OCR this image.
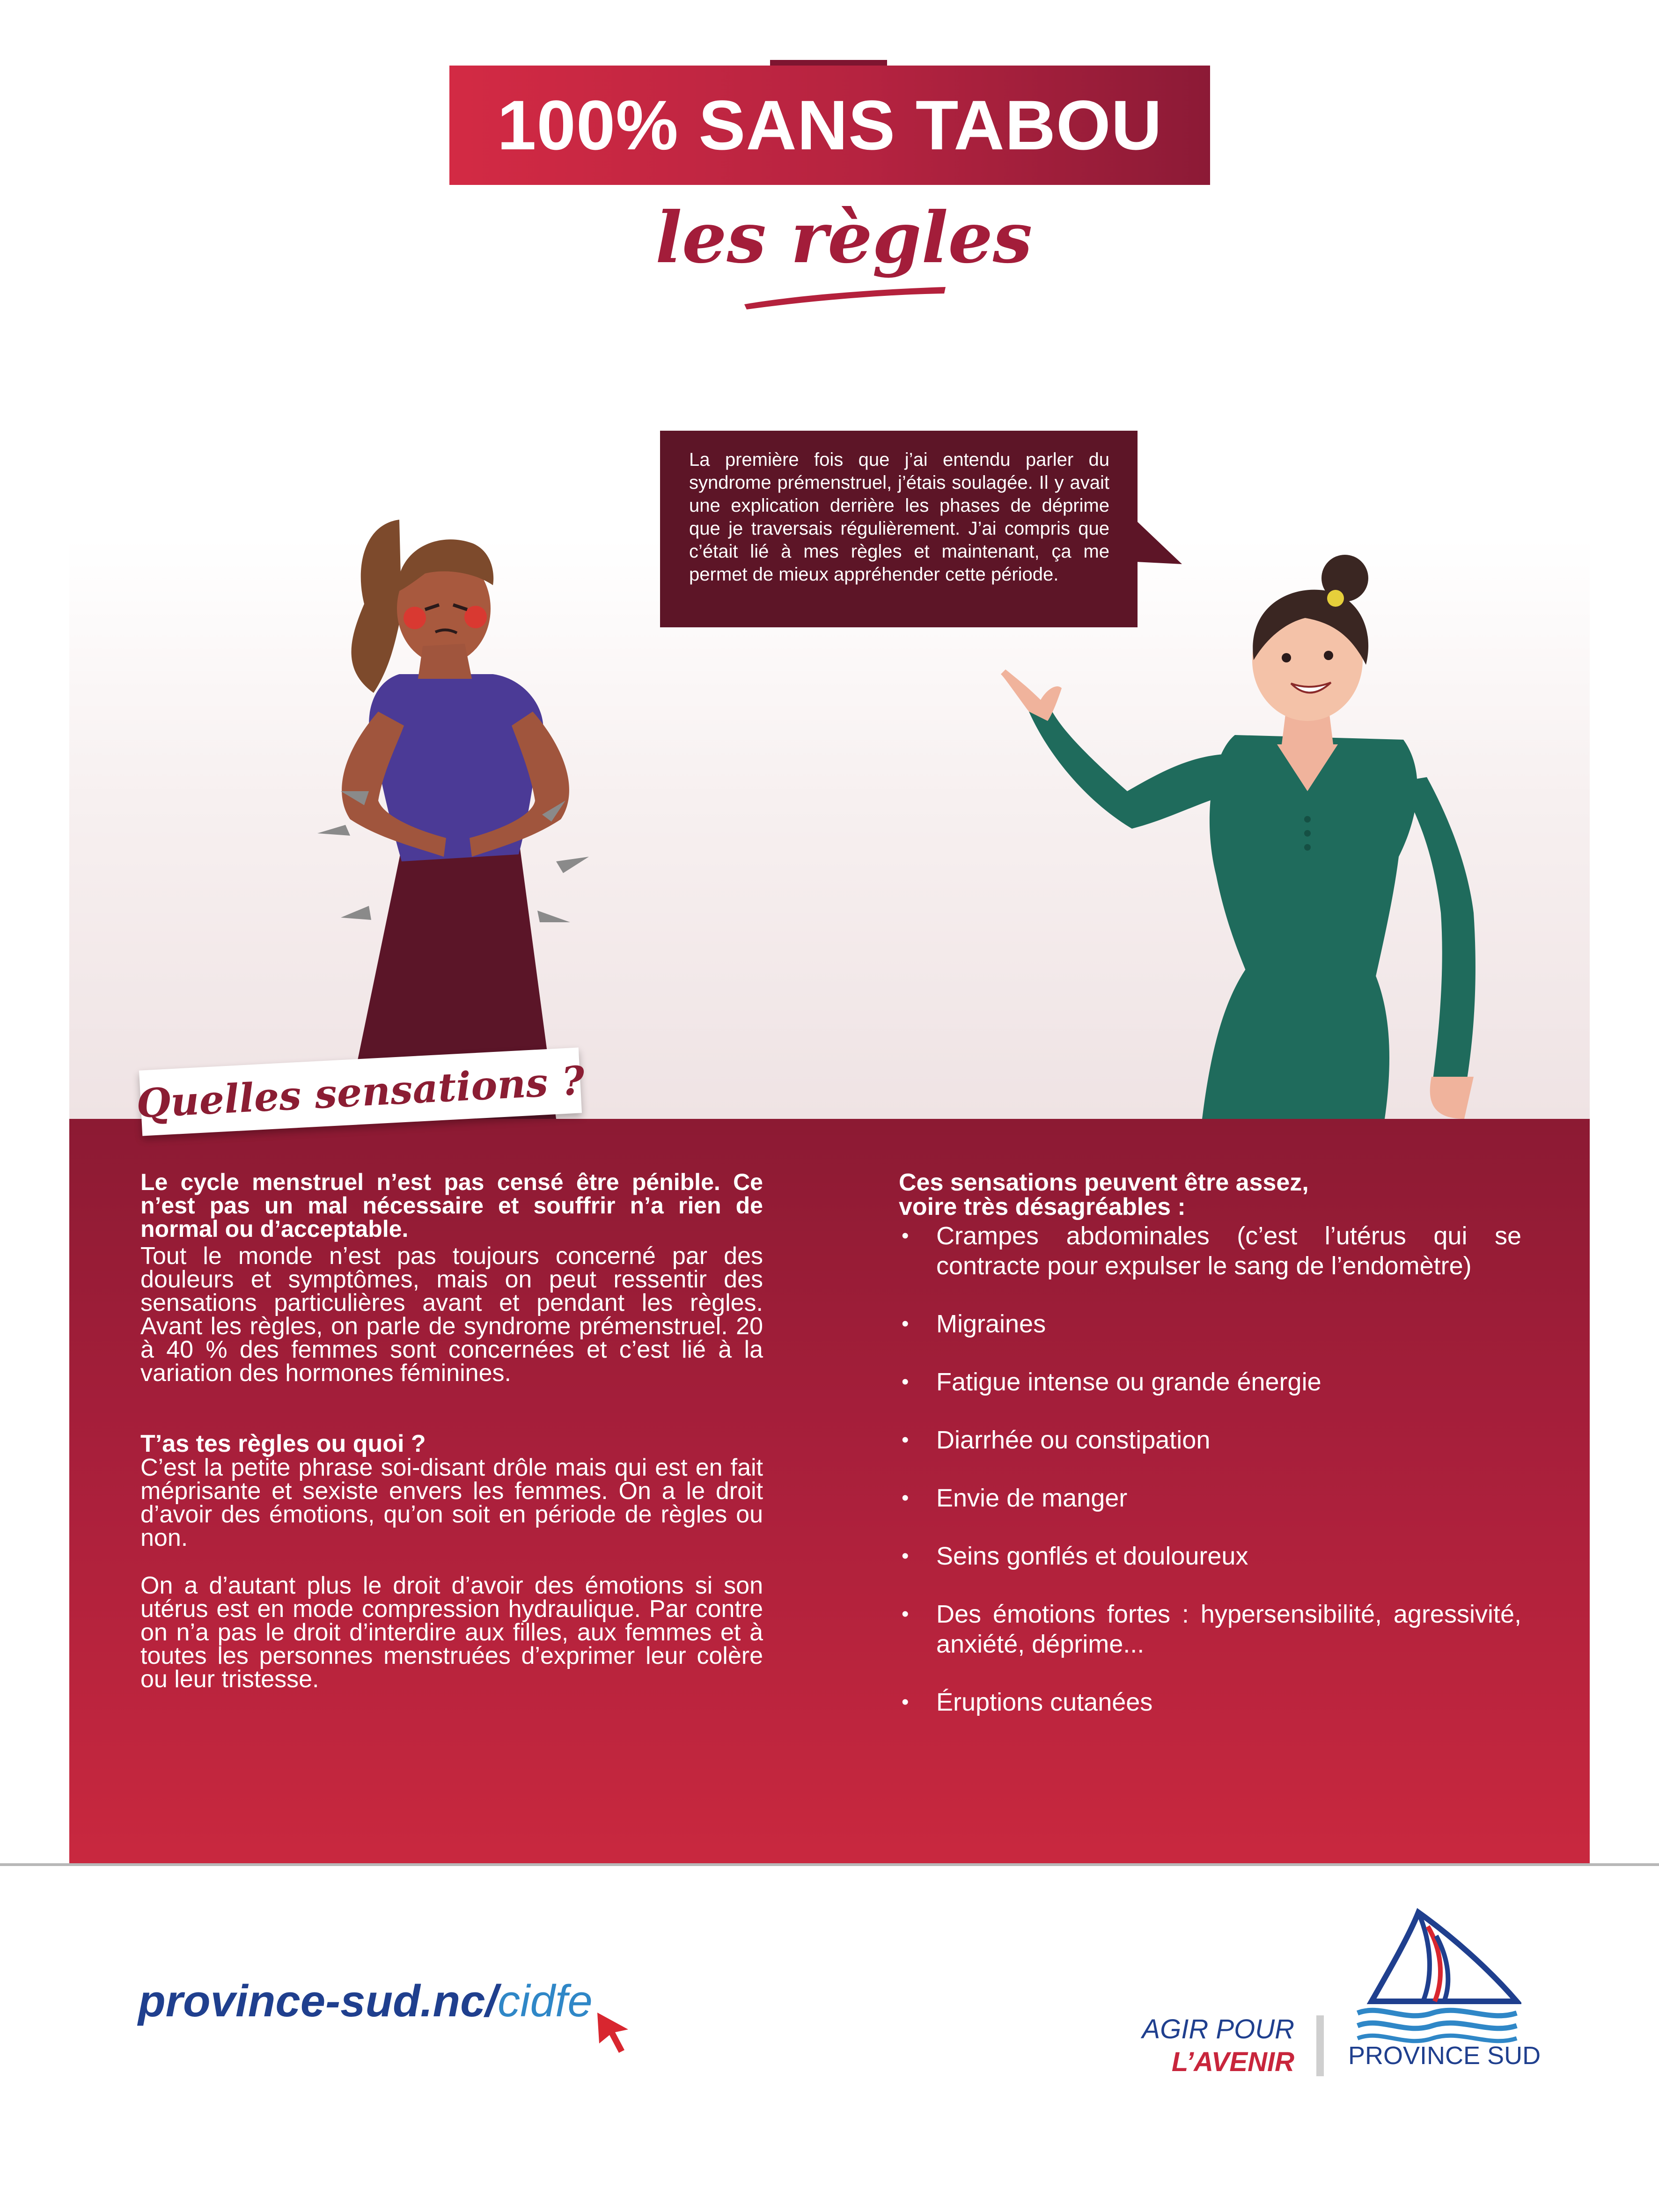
100% SANS TABOU
les règles

La première fois que j’ai entendu parler du syndrome prémenstruel, j’étais soulagée. Il y avait une explication derrière les phases de déprime que je traversais régulièrement. J’ai compris que c’était lié à mes règles et maintenant, ça me permet de mieux appréhender cette période.

Quelles sensations ?

Le cycle menstruel n’est pas censé être pénible. Ce n’est pas un mal nécessaire et souffrir n’a rien de normal ou d’acceptable.

Tout le monde n’est pas toujours concerné par des douleurs et symptômes, mais on peut ressentir des sensations particulières avant et pendant les règles. Avant les règles, on parle de syndrome prémenstruel. 20 à 40 % des femmes sont concernées et c’est lié à la variation des hormones féminines.

T’as tes règles ou quoi ?

C’est la petite phrase soi-disant drôle mais qui est en fait méprisante et sexiste envers les femmes. On a le droit d’avoir des émotions, qu’on soit en période de règles ou non.

On a d’autant plus le droit d’avoir des émotions si son utérus est en mode compression hydraulique. Par contre on n’a pas le droit d’interdire aux filles, aux femmes et à toutes les personnes menstruées d’exprimer leur colère ou leur tristesse.

Ces sensations peuvent être assez,

voire très désagréables :

• Crampes abdominales (c’est l’utérus qui se contracte pour expulser le sang de l’endomètre)
• Migraines
• Fatigue intense ou grande énergie
• Diarrhée ou constipation
• Envie de manger
• Seins gonflés et douloureux
• Des émotions fortes : hypersensibilité, agressivité, anxiété, déprime...
• Éruptions cutanées
province-sud.nc/cidfe
AGIR POUR
L’AVENIR PROVINCE SUD
